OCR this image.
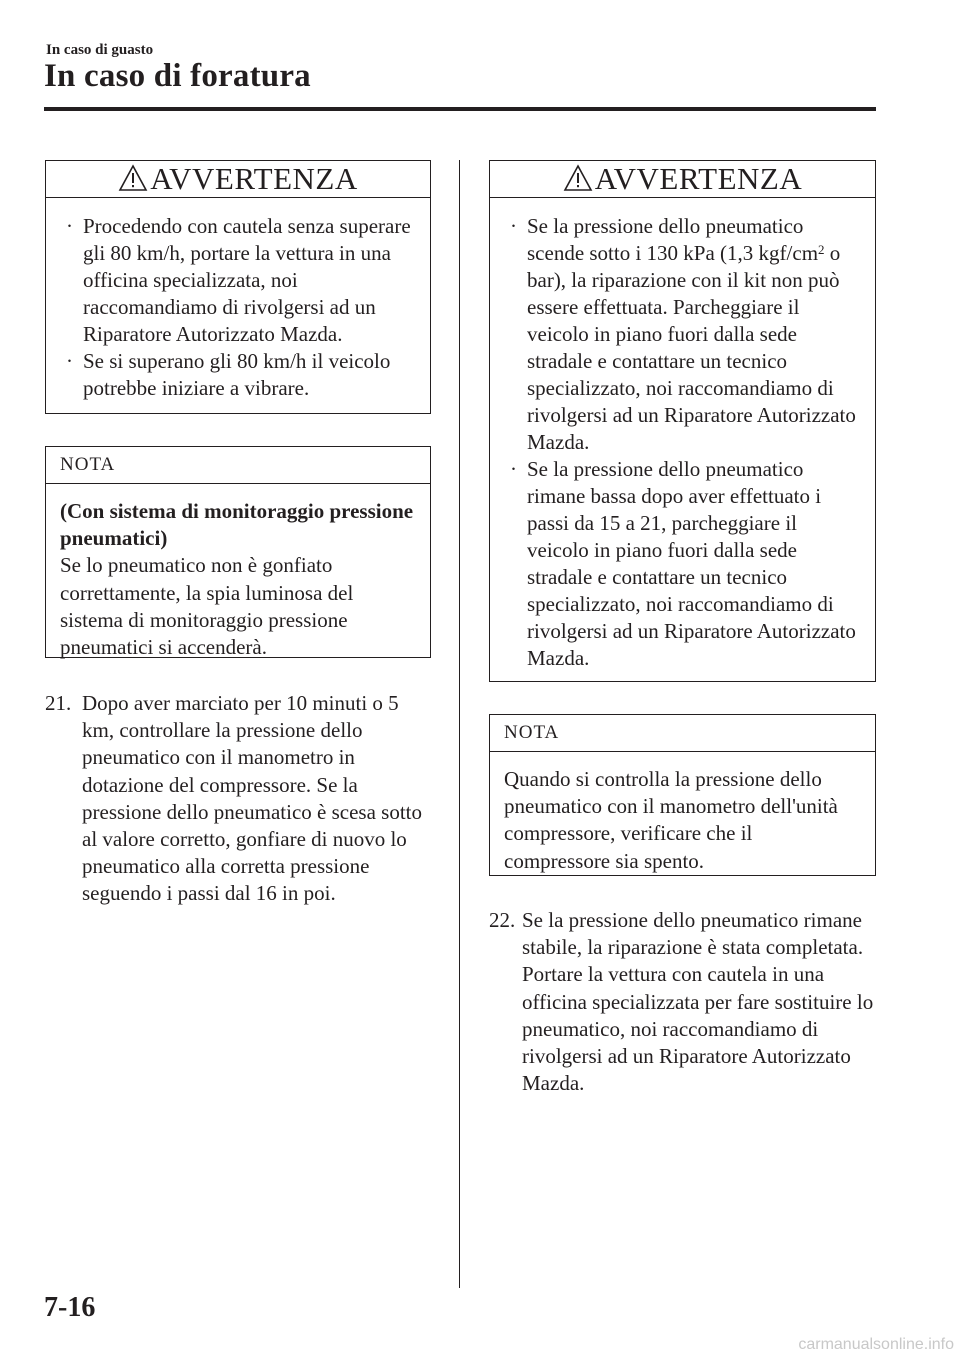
In caso di guasto
In caso di foratura
AVVERTENZA
· Procedendo con cautela senza superare gli 80 km/h, portare la vettura in una officina specializzata, noi raccomandiamo di rivolgersi ad un Riparatore Autorizzato Mazda.
· Se si superano gli 80 km/h il veicolo potrebbe iniziare a vibrare.
NOTA
(Con sistema di monitoraggio pressione pneumatici)
Se lo pneumatico non è gonfiato correttamente, la spia luminosa del sistema di monitoraggio pressione pneumatici si accenderà.
21. Dopo aver marciato per 10 minuti o 5 km, controllare la pressione dello pneumatico con il manometro in dotazione del compressore. Se la pressione dello pneumatico è scesa sotto al valore corretto, gonfiare di nuovo lo pneumatico alla corretta pressione seguendo i passi dal 16 in poi.
AVVERTENZA
· Se la pressione dello pneumatico scende sotto i 130 kPa (1,3 kgf/$cm^2$ o bar), la riparazione con il kit non può essere effettuata. Parcheggiare il veicolo in piano fuori dalla sede stradale e contattare un tecnico specializzato, noi raccomandiamo di rivolgersi ad un Riparatore Autorizzato Mazda.
· Se la pressione dello pneumatico rimane bassa dopo aver effettuato i passi da 15 a 21, parcheggiare il veicolo in piano fuori dalla sede stradale e contattare un tecnico specializzato, noi raccomandiamo di rivolgersi ad un Riparatore Autorizzato Mazda.
NOTA
Quando si controlla la pressione dello pneumatico con il manometro dell'unità compressore, verificare che il compressore sia spento.
22. Se la pressione dello pneumatico rimane stabile, la riparazione è stata completata. Portare la vettura con cautela in una officina specializzata per fare sostituire lo pneumatico, noi raccomandiamo di rivolgersi ad un Riparatore Autorizzato Mazda.
7-16
carmanualsonline.info
